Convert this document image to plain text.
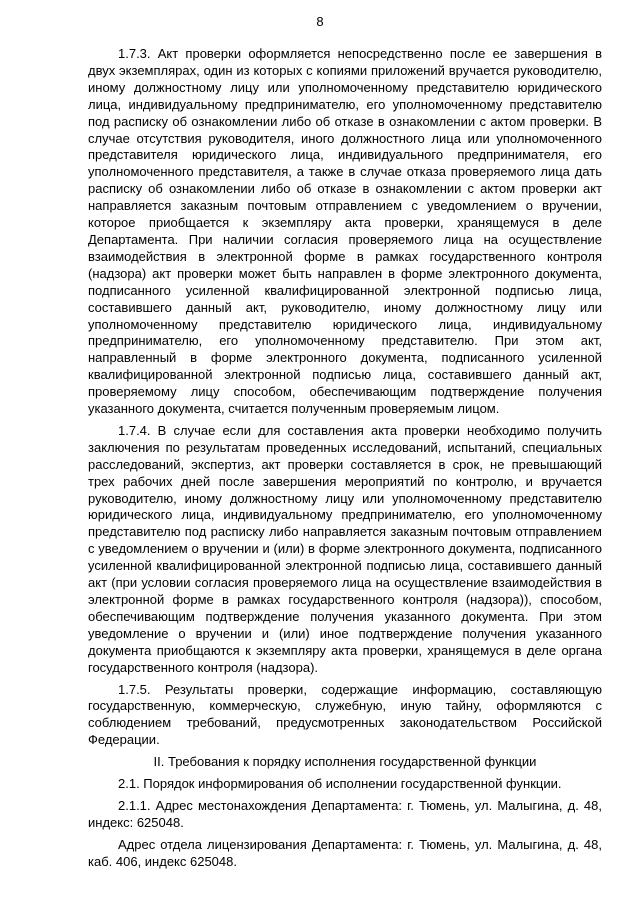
8

1.7.3. Акт проверки оформляется непосредственно после ее завершения в двух экземплярах, один из которых с копиями приложений вручается руководителю, иному должностному лицу или уполномоченному представителю юридического лица, индивидуальному предпринимателю, его уполномоченному представителю под расписку об ознакомлении либо об отказе в ознакомлении с актом проверки. В случае отсутствия руководителя, иного должностного лица или уполномоченного представителя юридического лица, индивидуального предпринимателя, его уполномоченного представителя, а также в случае отказа проверяемого лица дать расписку об ознакомлении либо об отказе в ознакомлении с актом проверки акт направляется заказным почтовым отправлением с уведомлением о вручении, которое приобщается к экземпляру акта проверки, хранящемуся в деле Департамента. При наличии согласия проверяемого лица на осуществление взаимодействия в электронной форме в рамках государственного контроля (надзора) акт проверки может быть направлен в форме электронного документа, подписанного усиленной квалифицированной электронной подписью лица, составившего данный акт, руководителю, иному должностному лицу или уполномоченному представителю юридического лица, индивидуальному предпринимателю, его уполномоченному представителю. При этом акт, направленный в форме электронного документа, подписанного усиленной квалифицированной электронной подписью лица, составившего данный акт, проверяемому лицу способом, обеспечивающим подтверждение получения указанного документа, считается полученным проверяемым лицом.

1.7.4. В случае если для составления акта проверки необходимо получить заключения по результатам проведенных исследований, испытаний, специальных расследований, экспертиз, акт проверки составляется в срок, не превышающий трех рабочих дней после завершения мероприятий по контролю, и вручается руководителю, иному должностному лицу или уполномоченному представителю юридического лица, индивидуальному предпринимателю, его уполномоченному представителю под расписку либо направляется заказным почтовым отправлением с уведомлением о вручении и (или) в форме электронного документа, подписанного усиленной квалифицированной электронной подписью лица, составившего данный акт (при условии согласия проверяемого лица на осуществление взаимодействия в электронной форме в рамках государственного контроля (надзора)), способом, обеспечивающим подтверждение получения указанного документа. При этом уведомление о вручении и (или) иное подтверждение получения указанного документа приобщаются к экземпляру акта проверки, хранящемуся в деле органа государственного контроля (надзора).

1.7.5. Результаты проверки, содержащие информацию, составляющую государственную, коммерческую, служебную, иную тайну, оформляются с соблюдением требований, предусмотренных законодательством Российской Федерации.

II. Требования к порядку исполнения государственной функции

2.1. Порядок информирования об исполнении государственной функции.

2.1.1. Адрес местонахождения Департамента: г. Тюмень, ул. Малыгина, д. 48, индекс: 625048.

Адрес отдела лицензирования Департамента: г. Тюмень, ул. Малыгина, д. 48, каб. 406, индекс 625048.
